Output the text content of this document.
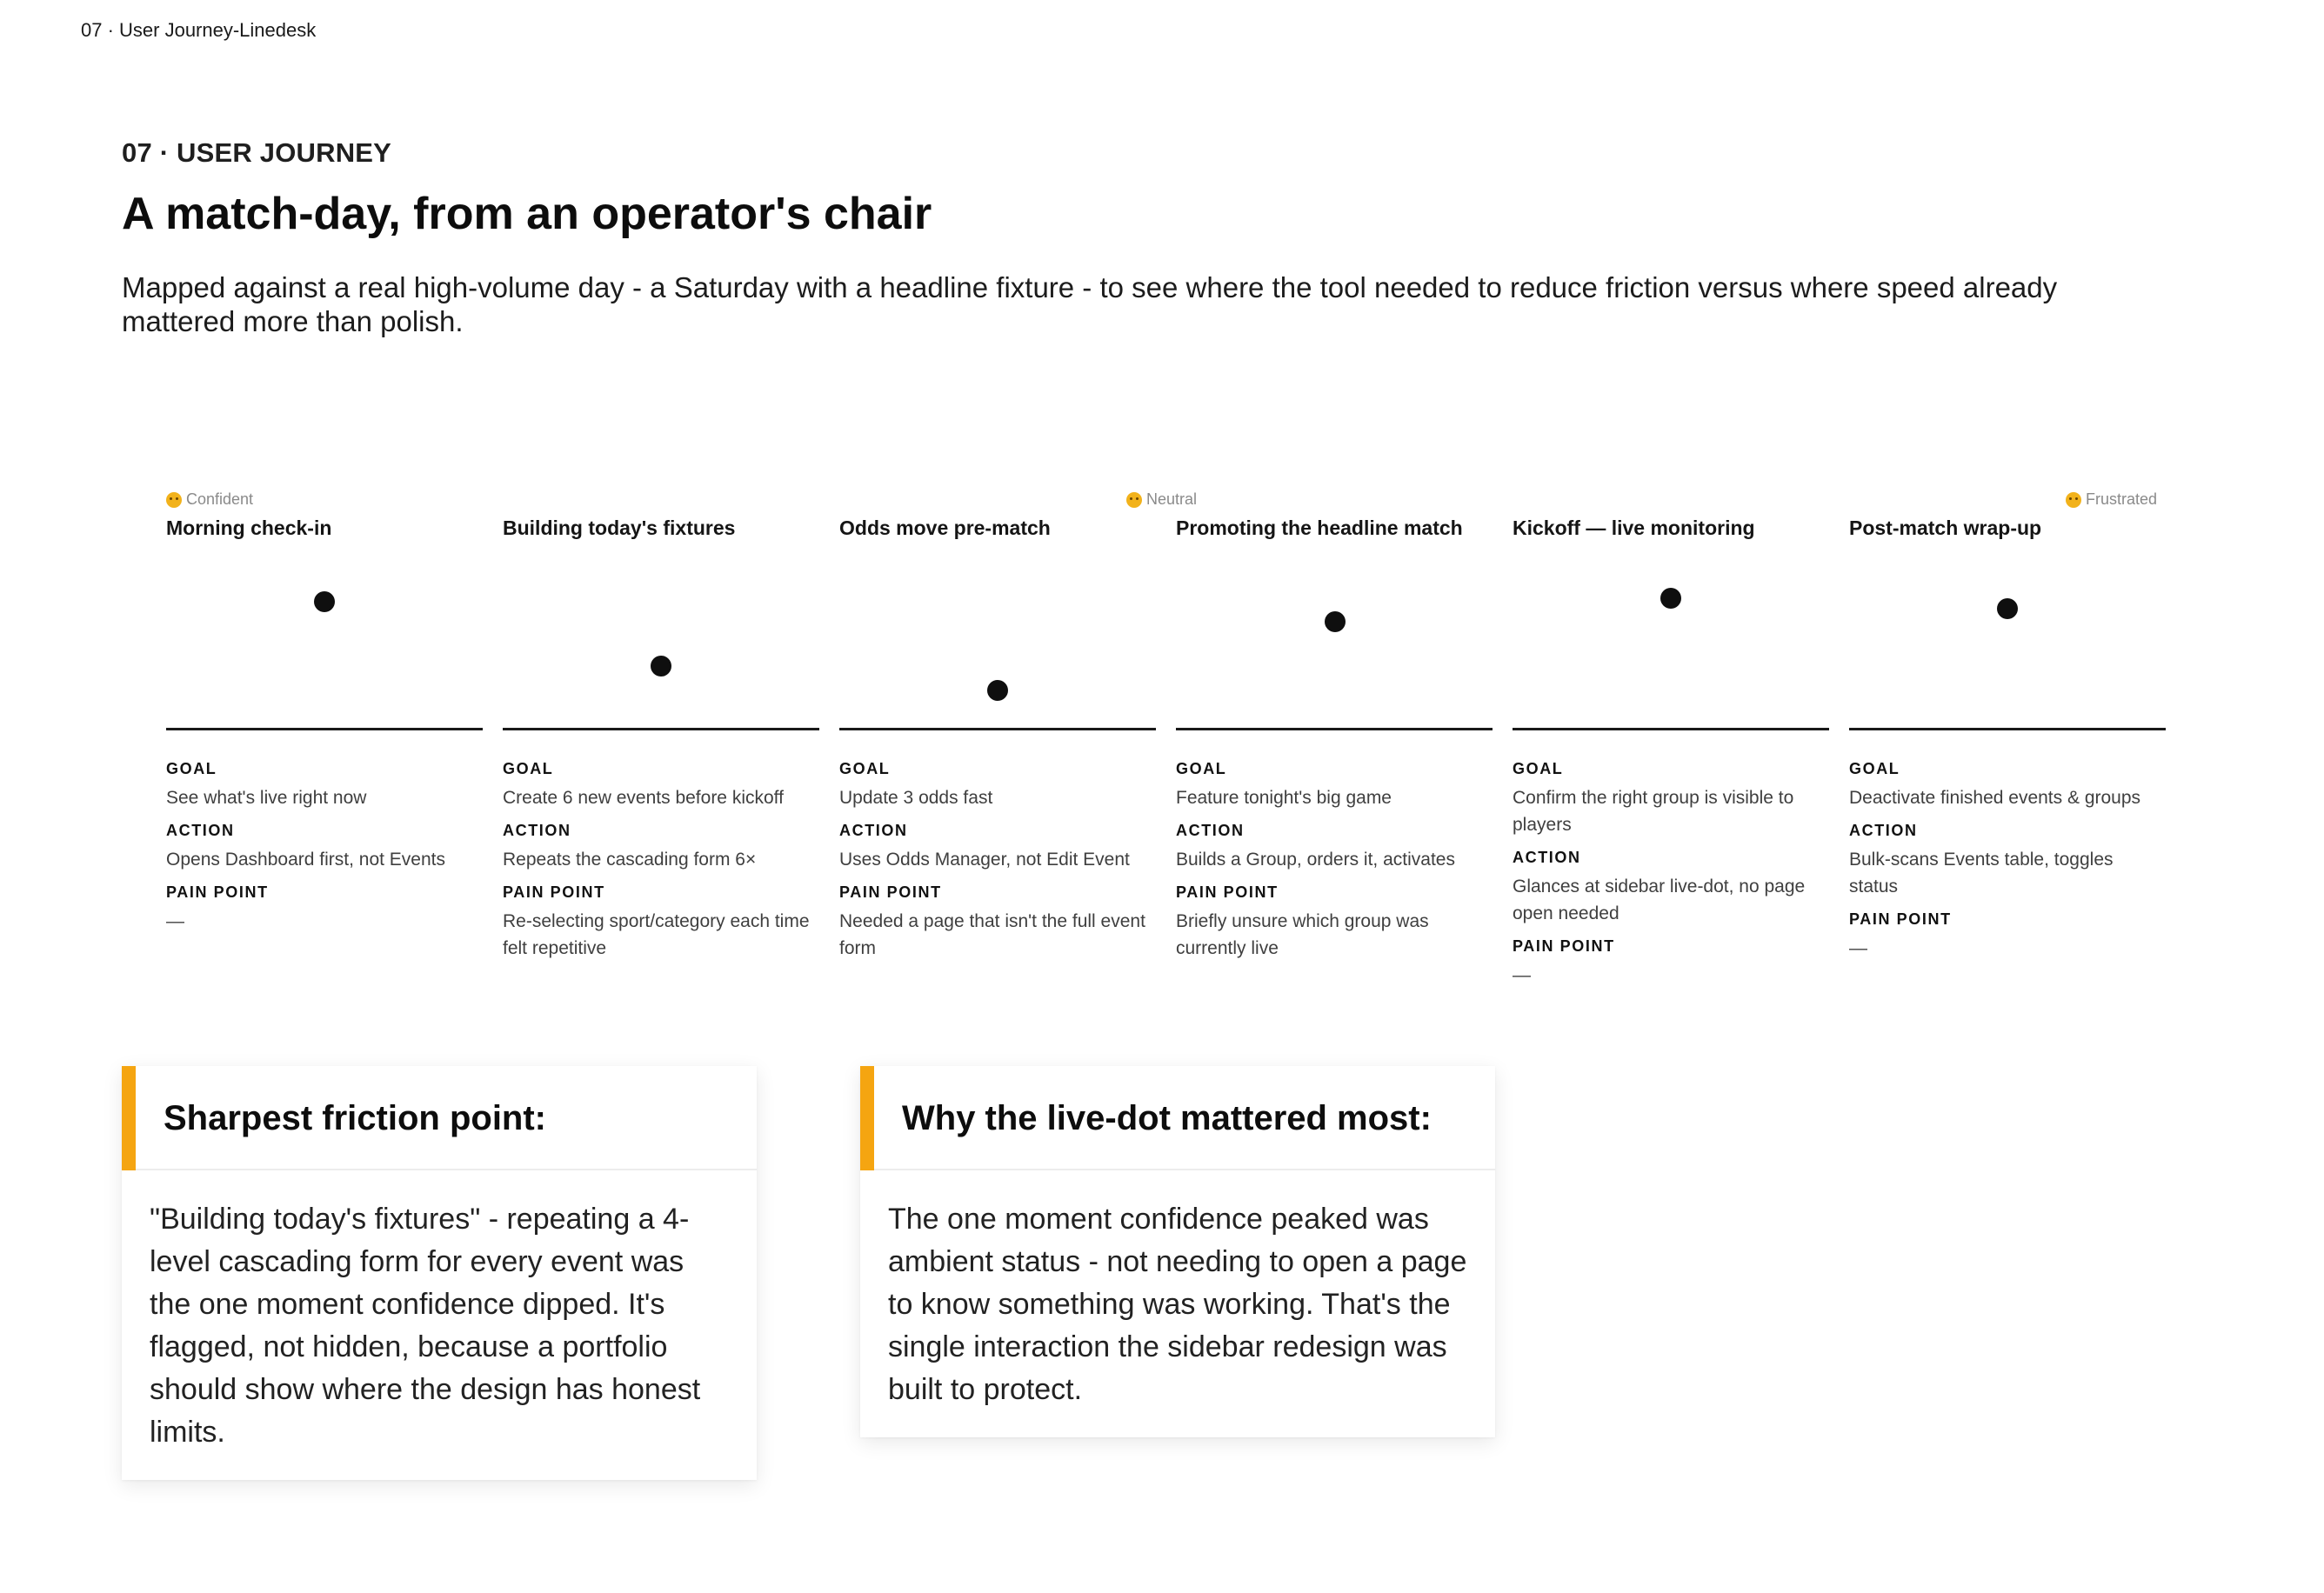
07 · User Journey-Linedesk
07 · USER JOURNEY
A match-day, from an operator's chair

Mapped against a real high-volume day - a Saturday with a headline fixture - to see where the tool needed to reduce friction versus where speed already mattered more than polish.

Confident	Neutral	Frustrated
Morning check-in
GOAL
See what's live right now
ACTION
Opens Dashboard first, not Events
PAIN POINT
—
Building today's fixtures
GOAL
Create 6 new events before kickoff
ACTION
Repeats the cascading form 6×
PAIN POINT
Re-selecting sport/category each time felt repetitive
Odds move pre-match
GOAL
Update 3 odds fast
ACTION
Uses Odds Manager, not Edit Event
PAIN POINT
Needed a page that isn't the full event form
Promoting the headline match
GOAL
Feature tonight's big game
ACTION
Builds a Group, orders it, activates
PAIN POINT
Briefly unsure which group was currently live
Kickoff — live monitoring
GOAL
Confirm the right group is visible to players
ACTION
Glances at sidebar live-dot, no page open needed
PAIN POINT
—
Post-match wrap-up
GOAL
Deactivate finished events & groups
ACTION
Bulk-scans Events table, toggles status
PAIN POINT
—
Sharpest friction point:
"Building today's fixtures" - repeating a 4-level cascading form for every event was the one moment confidence dipped. It's flagged, not hidden, because a portfolio should show where the design has honest limits.
Why the live-dot mattered most:
The one moment confidence peaked was ambient status - not needing to open a page to know something was working. That's the single interaction the sidebar redesign was built to protect.
